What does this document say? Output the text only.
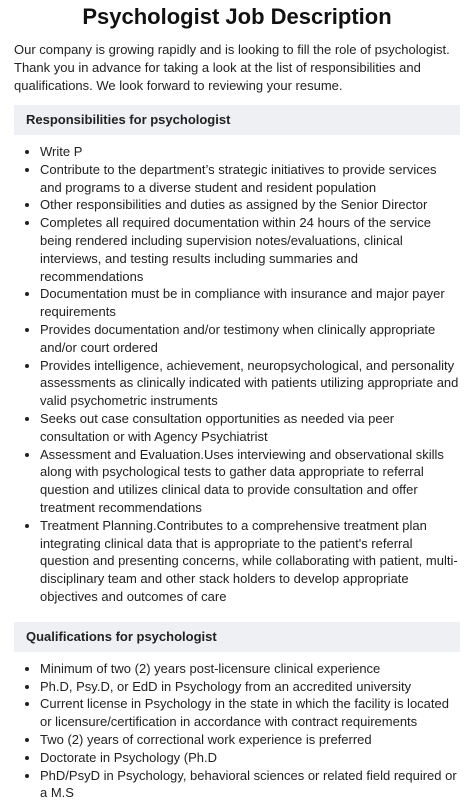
Psychologist Job Description

Our company is growing rapidly and is looking to fill the role of psychologist. Thank you in advance for taking a look at the list of responsibilities and qualifications. We look forward to reviewing your resume.

Responsibilities for psychologist
• Write P
• Contribute to the department’s strategic initiatives to provide services and programs to a diverse student and resident population
• Other responsibilities and duties as assigned by the Senior Director
• Completes all required documentation within 24 hours of the service being rendered including supervision notes/evaluations, clinical interviews, and testing results including summaries and recommendations
• Documentation must be in compliance with insurance and major payer requirements
• Provides documentation and/or testimony when clinically appropriate and/or court ordered
• Provides intelligence, achievement, neuropsychological, and personality assessments as clinically indicated with patients utilizing appropriate and valid psychometric instruments
• Seeks out case consultation opportunities as needed via peer consultation or with Agency Psychiatrist
• Assessment and Evaluation.Uses interviewing and observational skills along with psychological tests to gather data appropriate to referral question and utilizes clinical data to provide consultation and offer treatment recommendations
• Treatment Planning.Contributes to a comprehensive treatment plan integrating clinical data that is appropriate to the patient's referral question and presenting concerns, while collaborating with patient, multi-disciplinary team and other stack holders to develop appropriate objectives and outcomes of care
Qualifications for psychologist
• Minimum of two (2) years post-licensure clinical experience
• Ph.D, Psy.D, or EdD in Psychology from an accredited university
• Current license in Psychology in the state in which the facility is located or licensure/certification in accordance with contract requirements
• Two (2) years of correctional work experience is preferred
• Doctorate in Psychology (Ph.D
• PhD/PsyD in Psychology, behavioral sciences or related field required or a M.S
